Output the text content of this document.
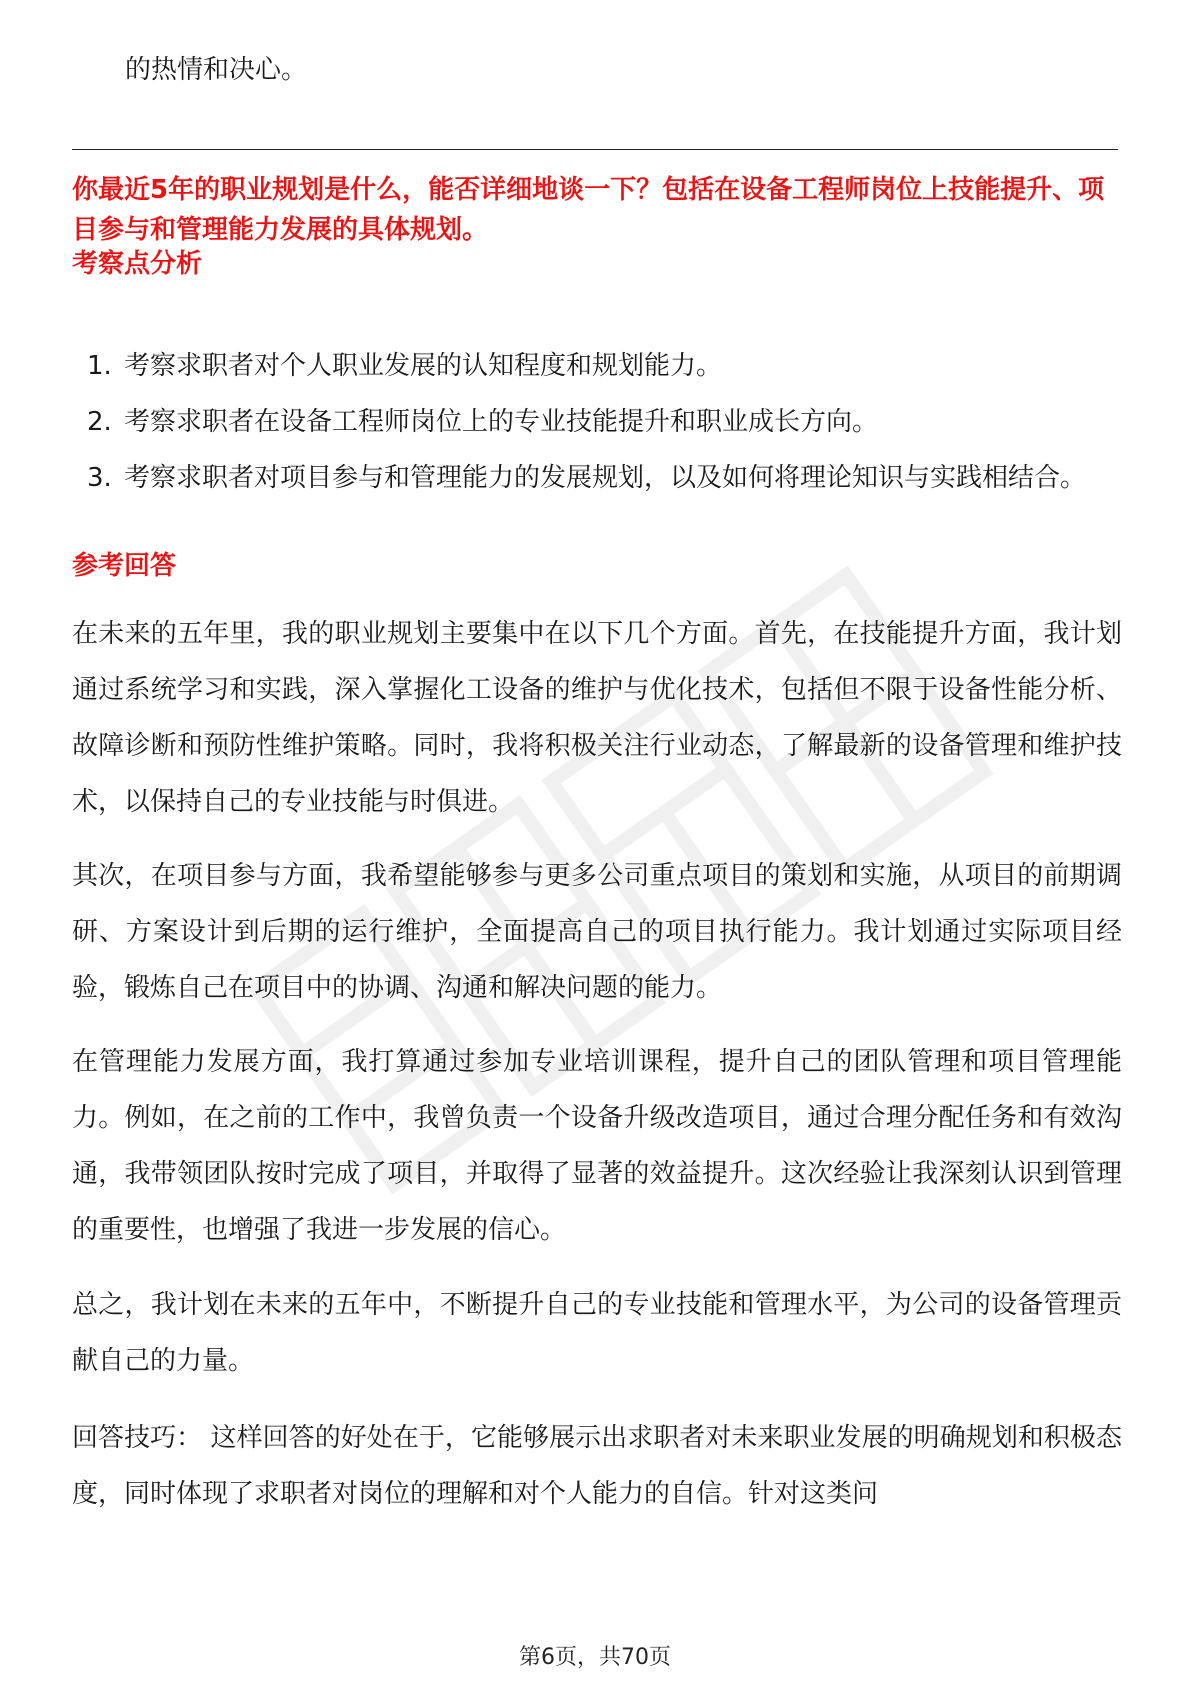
的热情和决心。

你最近5年的职业规划是什么，能否详细地谈一下？包括在设备工程师岗位上技能提升、项目参与和管理能力发展的具体规划。
考察点分析
1. 考察求职者对个人职业发展的认知程度和规划能力。
2. 考察求职者在设备工程师岗位上的专业技能提升和职业成长方向。
3. 考察求职者对项目参与和管理能力的发展规划，以及如何将理论知识与实践相结合。
参考回答

在未来的五年里，我的职业规划主要集中在以下几个方面。首先，在技能提升方面，我计划通过系统学习和实践，深入掌握化工设备的维护与优化技术，包括但不限于设备性能分析、故障诊断和预防性维护策略。同时，我将积极关注行业动态，了解最新的设备管理和维护技术，以保持自己的专业技能与时俱进。

其次，在项目参与方面，我希望能够参与更多公司重点项目的策划和实施，从项目的前期调研、方案设计到后期的运行维护，全面提高自己的项目执行能力。我计划通过实际项目经验，锻炼自己在项目中的协调、沟通和解决问题的能力。

在管理能力发展方面，我打算通过参加专业培训课程，提升自己的团队管理和项目管理能力。例如，在之前的工作中，我曾负责一个设备升级改造项目，通过合理分配任务和有效沟通，我带领团队按时完成了项目，并取得了显著的效益提升。这次经验让我深刻认识到管理的重要性，也增强了我进一步发展的信心。

总之，我计划在未来的五年中，不断提升自己的专业技能和管理水平，为公司的设备管理贡献自己的力量。

回答技巧： 这样回答的好处在于，它能够展示出求职者对未来职业发展的明确规划和积极态度，同时体现了求职者对岗位的理解和对个人能力的自信。针对这类问

第6页，共70页
